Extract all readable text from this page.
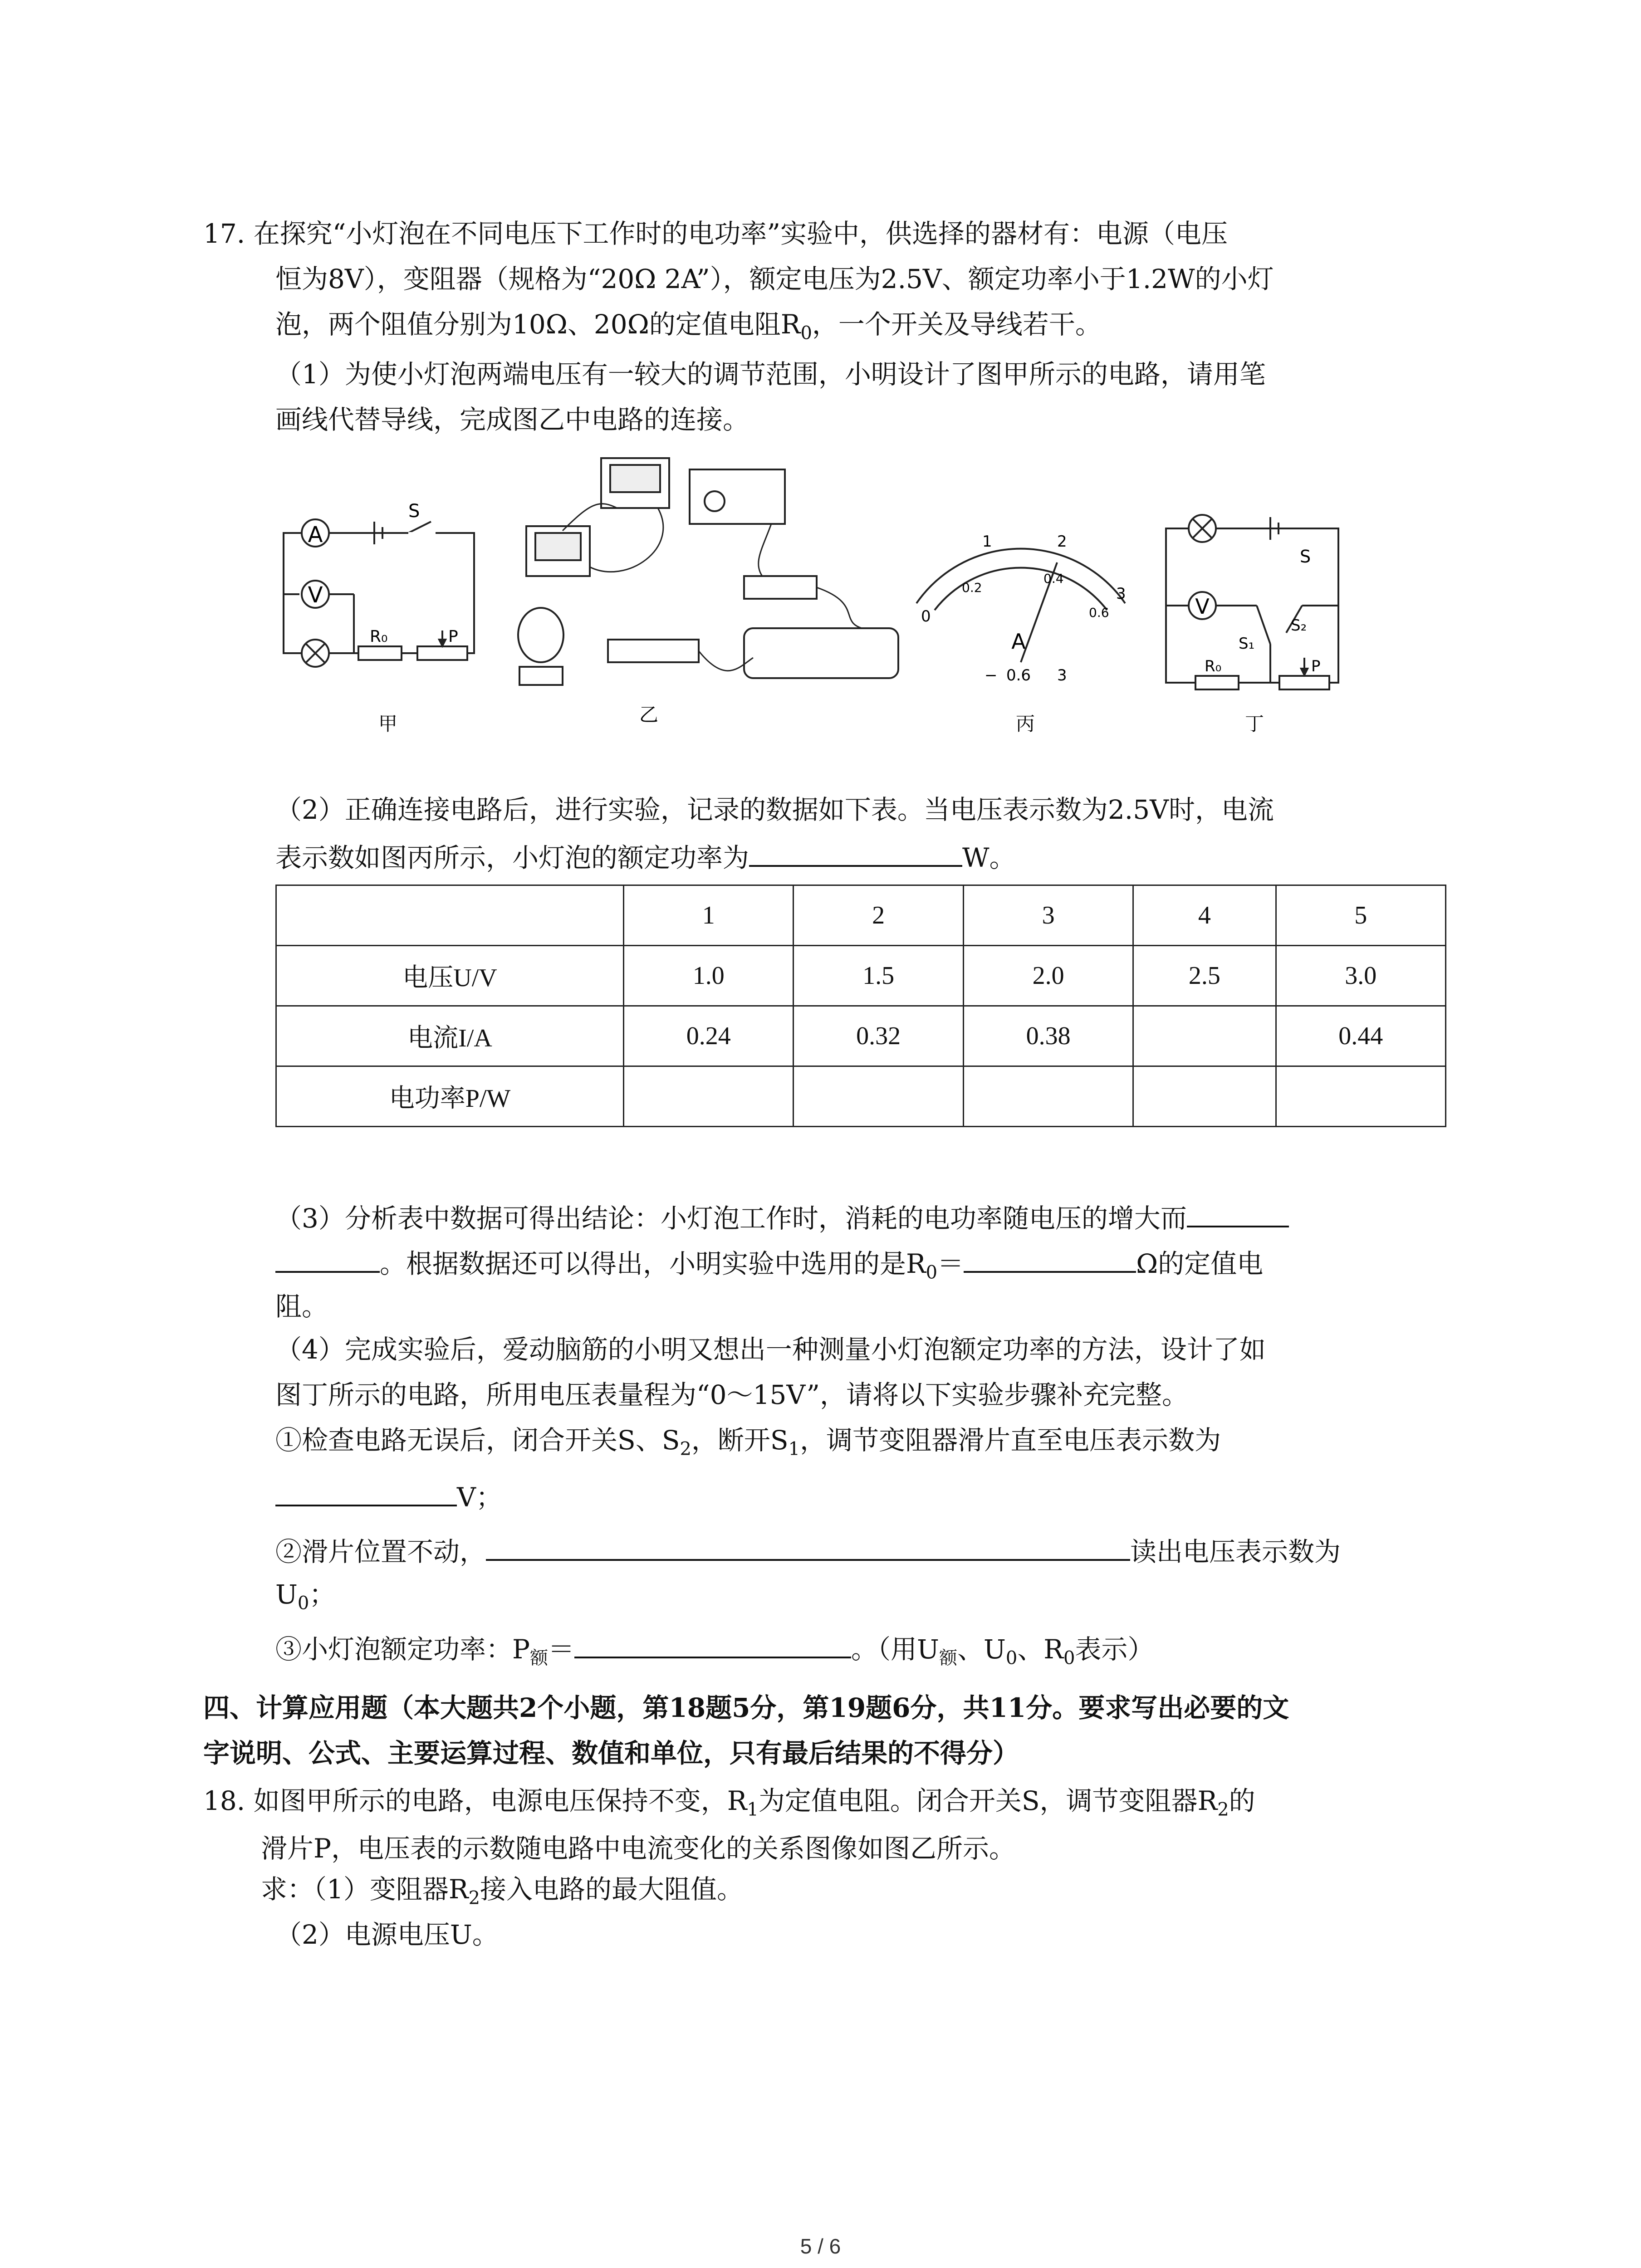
17. 在探究“小灯泡在不同电压下工作时的电功率”实验中，供选择的器材有：电源（电压
恒为8V），变阻器（规格为“20Ω 2A”），额定电压为2.5V、额定功率小于1.2W的小灯
泡，两个阻值分别为10Ω、20Ω的定值电阻$R_0$，一个开关及导线若干。
（1）为使小灯泡两端电压有一较大的调节范围，小明设计了图甲所示的电路，请用笔
画线代替导线，完成图乙中电路的连接。
A
V
S
R₀	P
甲	乙
0
1	2
3
0.2
0.4
0.6
A
− 0.6 3
丙
V
S
S₁
S₂
R₀	P
丁
（2）正确连接电路后，进行实验，记录的数据如下表。当电压表示数为2.5V时，电流
表示数如图丙所示，小灯泡的额定功率为	W。
	1	2	3	4	5
电压U/V	1.0	1.5	2.0	2.5	3.0
电流I/A	0.24	0.32	0.38		0.44
电功率P/W					
（3）分析表中数据可得出结论：小灯泡工作时，消耗的电功率随电压的增大而
。根据数据还可以得出，小明实验中选用的是$R_0=$	Ω的定值电
阻。
（4）完成实验后，爱动脑筋的小明又想出一种测量小灯泡额定功率的方法，设计了如
图丁所示的电路，所用电压表量程为“0～15V”，请将以下实验步骤补充完整。
①检查电路无误后，闭合开关S、$S_2$，断开$S_1$，调节变阻器滑片直至电压表示数为
V；
②滑片位置不动，	读出电压表示数为
$U_0$；
③小灯泡额定功率：$P_额=$	。（用$U_额$、$U_0$、$R_0$表示）
四、计算应用题（本大题共2个小题，第18题5分，第19题6分，共11分。要求写出必要的文
字说明、公式、主要运算过程、数值和单位，只有最后结果的不得分）
18. 如图甲所示的电路，电源电压保持不变，$R_1$为定值电阻。闭合开关S，调节变阻器$R_2$的
滑片P，电压表的示数随电路中电流变化的关系图像如图乙所示。
求：（1）变阻器$R_2$接入电路的最大阻值。
（2）电源电压U。
5 / 6
